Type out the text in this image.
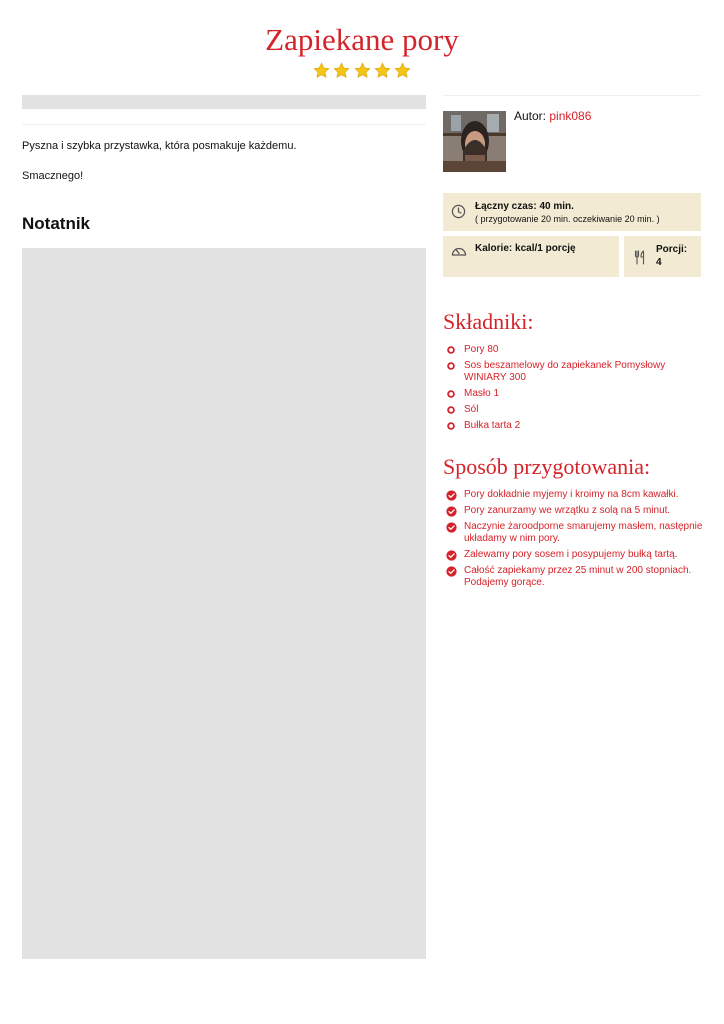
Zapiekane pory

Pyszna i szybka przystawka, która posmakuje każdemu.

Smacznego!

Notatnik
Autor: pink086
Łączny czas: 40 min.
( przygotowanie 20 min. oczekiwanie 20 min. )
Kalorie: kcal/1 porcję	Porcji:
4
Składniki:
Pory 80
Sos beszamelowy do zapiekanek Pomysłowy WINIARY 300
Masło 1
Sól
Bułka tarta 2
Sposób przygotowania:
Pory dokładnie myjemy i kroimy na 8cm kawałki.
Pory zanurzamy we wrzątku z solą na 5 minut.
Naczynie żaroodporne smarujemy masłem, następnie układamy w nim pory.
Zalewamy pory sosem i posypujemy bułką tartą.
Całość zapiekamy przez 25 minut w 200 stopniach. Podajemy gorące.
